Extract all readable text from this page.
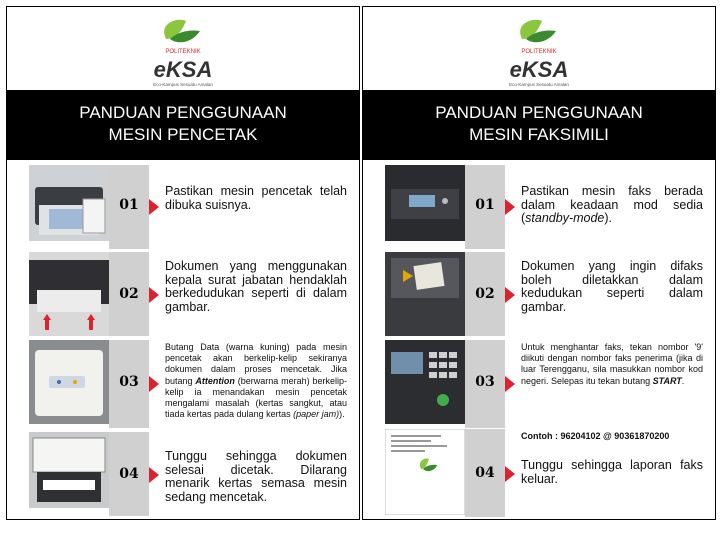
POLITEKNIK
eKSA
Eco-Kampus Sesuatu Amalan
PANDUAN PENGGUNAAN
MESIN PENCETAK
01
Pastikan mesin pencetak telah dibuka suisnya.
02
Dokumen yang menggunakan kepala surat jabatan hendaklah berkedudukan seperti di dalam gambar.
03
Butang Data (warna kuning) pada mesin pencetak akan berkelip-kelip sekiranya dokumen dalam proses mencetak. Jika butang Attention (berwarna merah) berkelip-kelip ia menandakan mesin pencetak mengalami masalah (kertas sangkut, atau tiada kertas pada dulang kertas (paper jam)).
04
Tunggu sehingga dokumen selesai dicetak. Dilarang menarik kertas semasa mesin sedang mencetak.
POLITEKNIK
eKSA
Eco-Kampus Sesuatu Amalan
PANDUAN PENGGUNAAN
MESIN FAKSIMILI
01
Pastikan mesin faks berada dalam keadaan mod sedia (standby-mode).
02
Dokumen yang ingin difaks boleh diletakkan dalam kedudukan seperti dalam gambar.
03
Untuk menghantar faks, tekan nombor '9' diikuti dengan nombor faks penerima (jika di luar Terengganu, sila masukkan nombor kod negeri. Selepas itu tekan butang START.
04
Contoh : 96204102 @ 90361870200
Tunggu sehingga laporan faks keluar.
